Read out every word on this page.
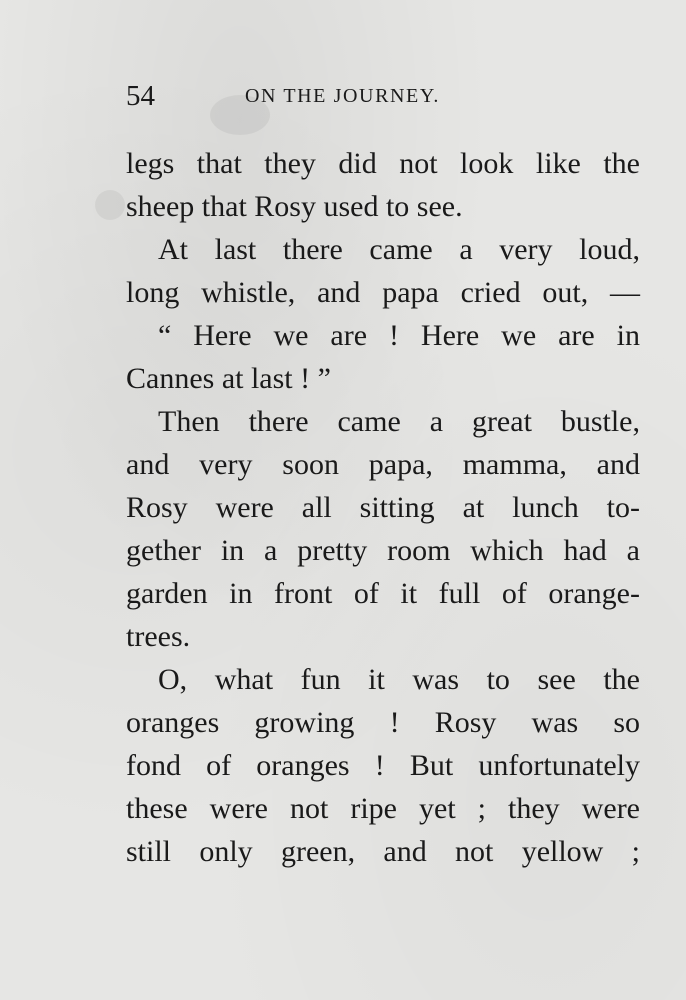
54	ON THE JOURNEY.
legs that they did not look like the
sheep that Rosy used to see.
At last there came a very loud,
long whistle, and papa cried out, —
“ Here we are ! Here we are in
Cannes at last ! ”
Then there came a great bustle,
and very soon papa, mamma, and
Rosy were all sitting at lunch to-
gether in a pretty room which had a
garden in front of it full of orange-
trees.
O, what fun it was to see the
oranges growing ! Rosy was so
fond of oranges ! But unfortunately
these were not ripe yet ; they were
still only green, and not yellow ;
